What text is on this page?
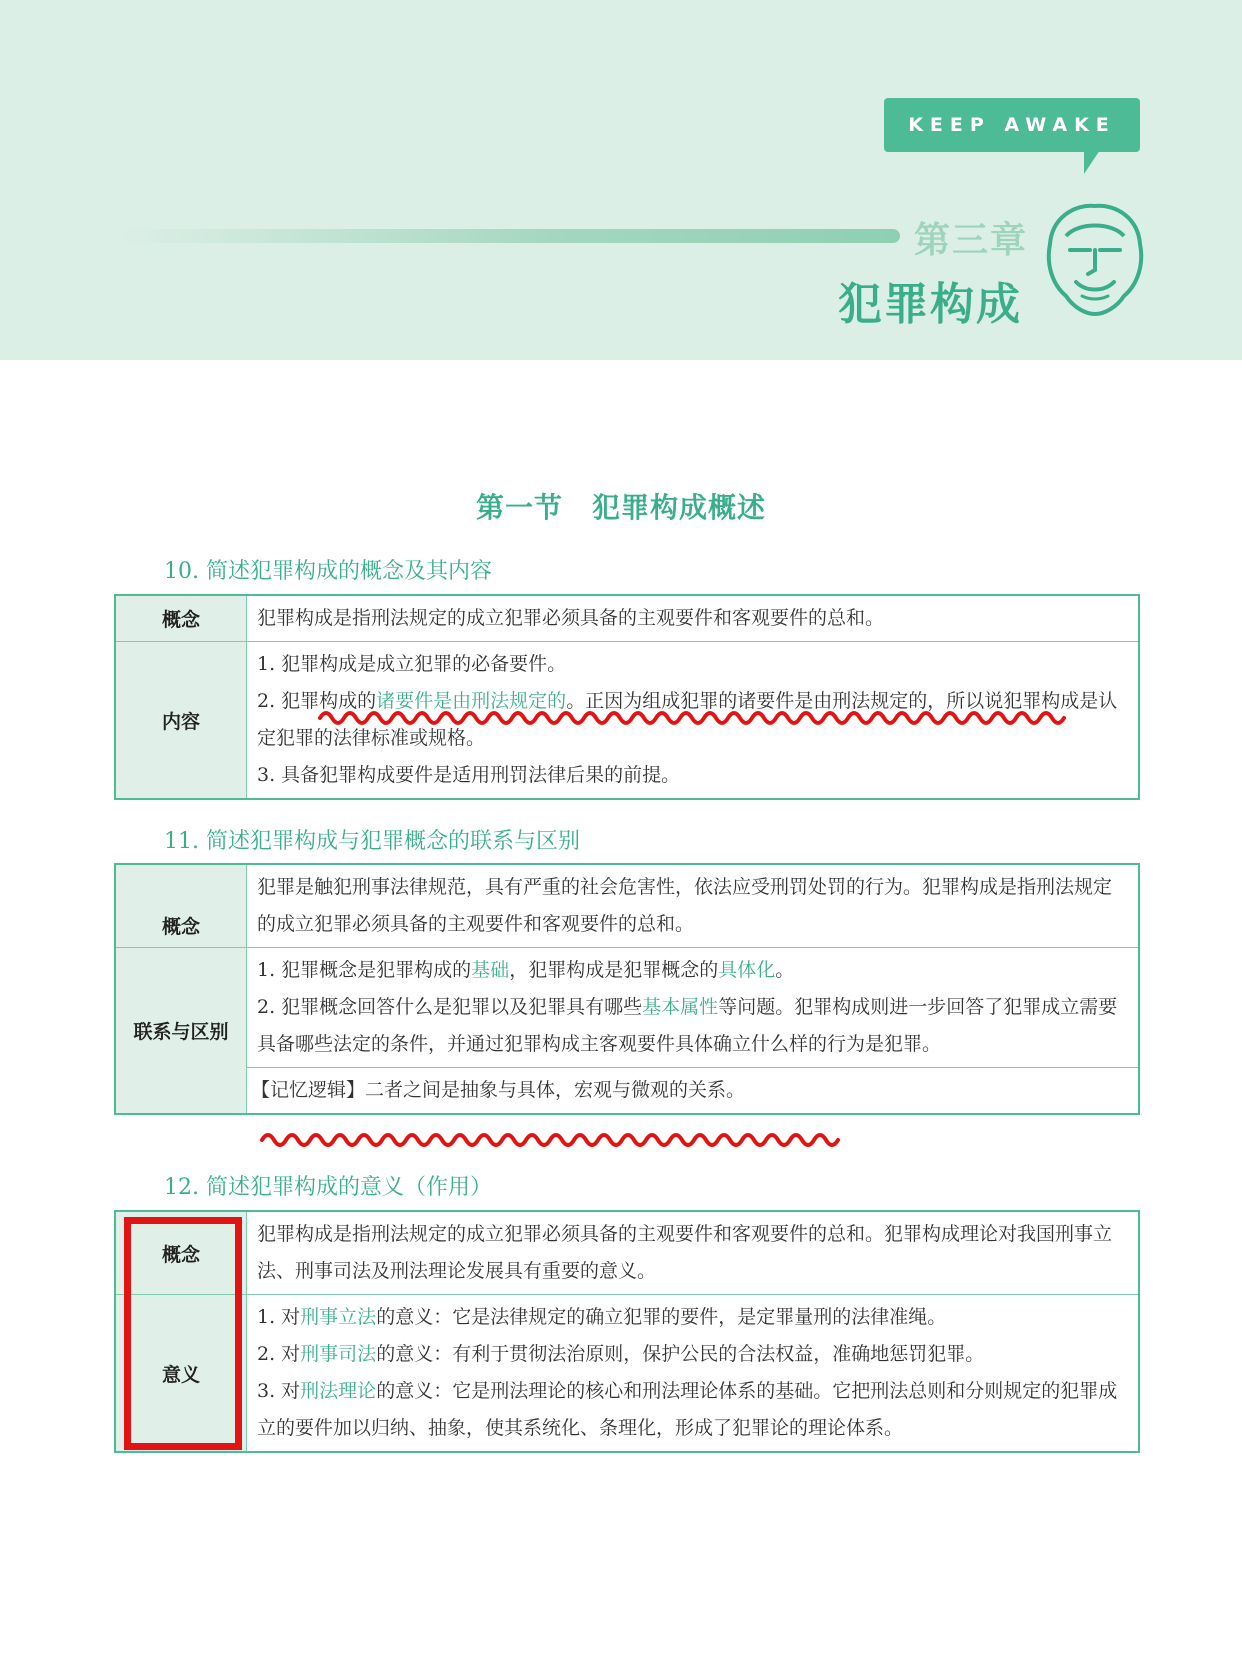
KEEP AWAKE
第三章
犯罪构成
第一节　犯罪构成概述
10. 简述犯罪构成的概念及其内容
概念	犯罪构成是指刑法规定的成立犯罪必须具备的主观要件和客观要件的总和。
内容	1. 犯罪构成是成立犯罪的必备要件。

2. 犯罪构成的诸要件是由刑法规定的。正因为组成犯罪的诸要件是由刑法规定的，所以说犯罪构成是认定犯罪的法律标准或规格。

3. 具备犯罪构成要件是适用刑罚法律后果的前提。

11. 简述犯罪构成与犯罪概念的联系与区别
概念	犯罪是触犯刑事法律规范，具有严重的社会危害性，依法应受刑罚处罚的行为。犯罪构成是指刑法规定的成立犯罪必须具备的主观要件和客观要件的总和。
联系与区别	1. 犯罪概念是犯罪构成的基础，犯罪构成是犯罪概念的具体化。

2. 犯罪概念回答什么是犯罪以及犯罪具有哪些基本属性等问题。犯罪构成则进一步回答了犯罪成立需要具备哪些法定的条件，并通过犯罪构成主客观要件具体确立什么样的行为是犯罪。

	【记忆逻辑】二者之间是抽象与具体，宏观与微观的关系。
12. 简述犯罪构成的意义（作用）
概念	犯罪构成是指刑法规定的成立犯罪必须具备的主观要件和客观要件的总和。犯罪构成理论对我国刑事立法、刑事司法及刑法理论发展具有重要的意义。
意义	1. 对刑事立法的意义：它是法律规定的确立犯罪的要件，是定罪量刑的法律准绳。

2. 对刑事司法的意义：有利于贯彻法治原则，保护公民的合法权益，准确地惩罚犯罪。

3. 对刑法理论的意义：它是刑法理论的核心和刑法理论体系的基础。它把刑法总则和分则规定的犯罪成立的要件加以归纳、抽象，使其系统化、条理化，形成了犯罪论的理论体系。
